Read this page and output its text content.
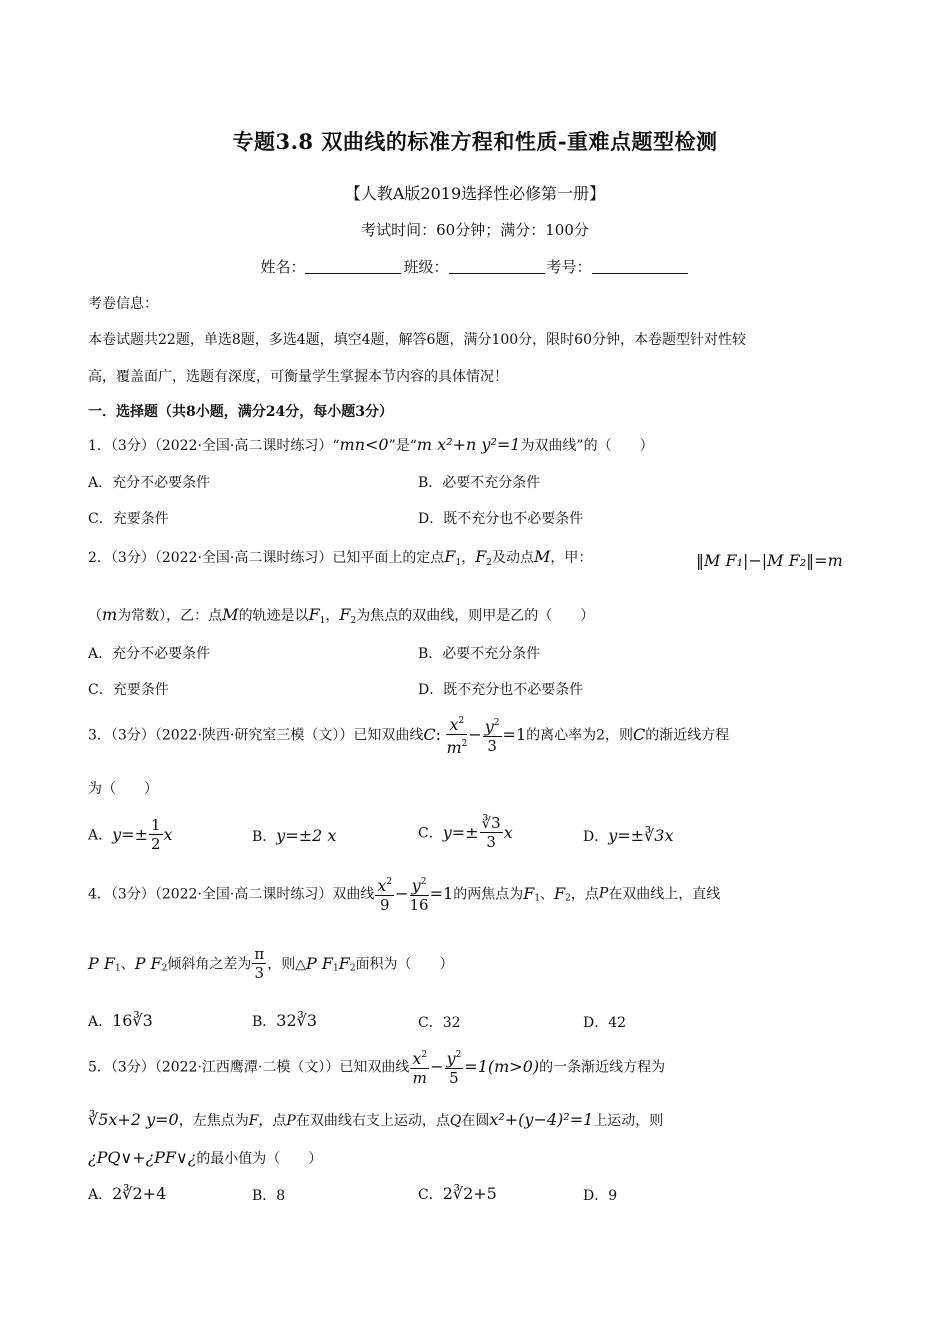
专题3.8 双曲线的标准方程和性质-重难点题型检测
【人教A版2019选择性必修第一册】
考试时间：60分钟；满分：100分
姓名：	班级：	考号：
考卷信息：
本卷试题共22题，单选8题，多选4题，填空4题，解答6题，满分100分，限时60分钟，本卷题型针对性较
高，覆盖面广，选题有深度，可衡量学生掌握本节内容的具体情况！
一．选择题（共8小题，满分24分，每小题3分）
1．（3分）（2022·全国·高二课时练习）“mn<0”是“m x²+n y²=1为双曲线”的（　　）
A．充分不必要条件	B．必要不充分条件
C．充要条件	D．既不充分也不必要条件
2．（3分）（2022·全国·高二课时练习）已知平面上的定点$F_1$，$F_2$及动点M，甲：	‖M F₁|−|M F₂‖=m
（m为常数），乙：点M的轨迹是以$F_1$，$F_2$为焦点的双曲线，则甲是乙的（　　）
A．充分不必要条件	B．必要不充分条件
C．充要条件	D．既不充分也不必要条件
3．（3分）（2022·陕西·研究室三模（文））已知双曲线C: $\frac{x^2}{m^2} - \frac{y^2}{3} =1$的离心率为2，则C的渐近线方程
为（　　）
A．$y=\pm \frac{1}{2}$ x	B．y=±2 x	C．$y=\pm \frac{∛3}{3}$ x	D．y=±∛3x
4．（3分）（2022·全国·高二课时练习）双曲线 $\frac{x^2}{9} - \frac{y^2}{16} =1$的两焦点为$F_1$、$F_2$，点P在双曲线上，直线
P $F_1$、P $F_2$倾斜角之差为 $\frac{\pi}{3}$ ，则△P $F_1F_2$面积为（　　）
A．16∛3	B．32∛3	C．32	D．42
5．（3分）（2022·江西鹰潭·二模（文））已知双曲线 $\frac{x^2}{m} - \frac{y^2}{5} =1(m>0)$的一条渐近线方程为
∛5x+2 y=0，左焦点为F，点P在双曲线右支上运动，点Q在圆x²+(y−4)²=1上运动，则
¿PQ∨+¿PF∨¿的最小值为（　　）
A．2∛2+4	B．8	C．2∛2+5	D．9
